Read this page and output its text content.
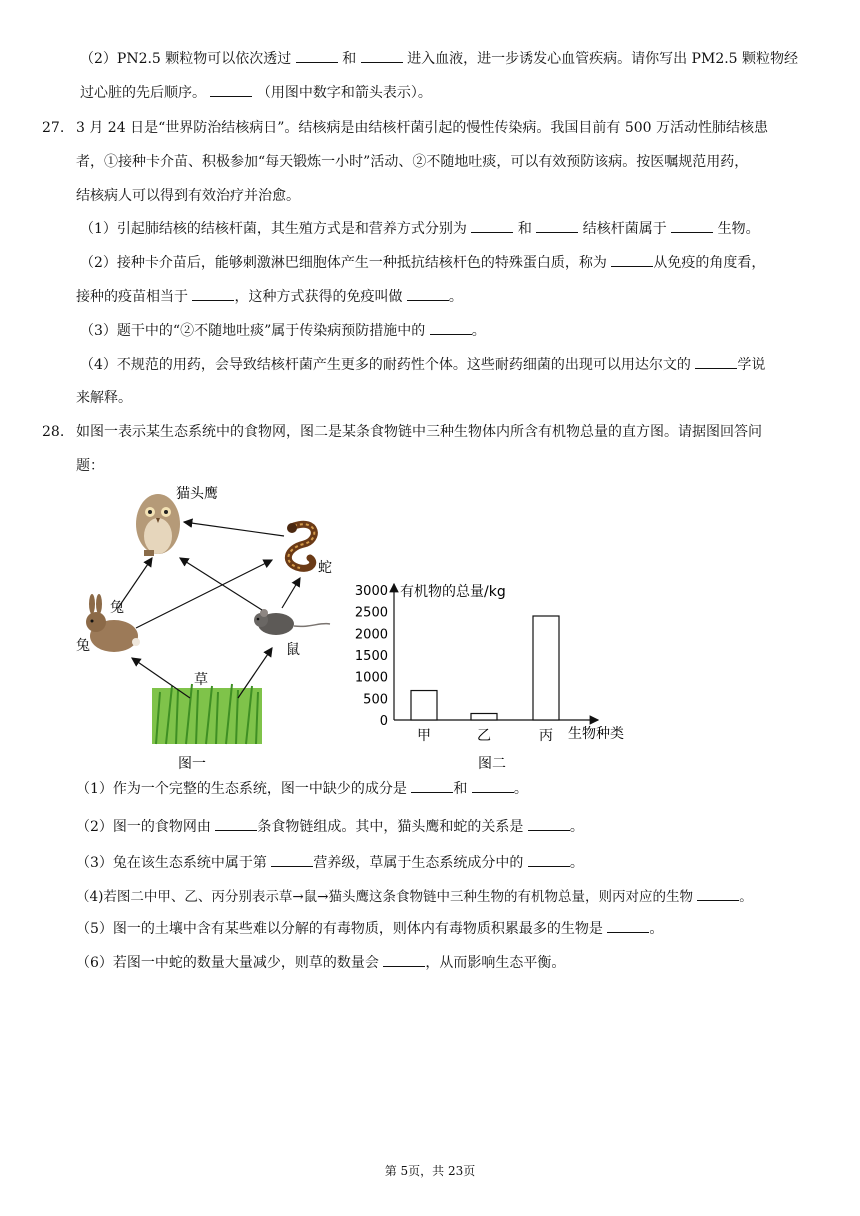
（2）PN2.5 颗粒物可以依次透过	和	进入血液，进一步诱发心血管疾病。请你写出 PM2.5 颗粒物经
过心脏的先后顺序。	（用图中数字和箭头表示）。
27. 3 月 24 日是“世界防治结核病日”。结核病是由结核杆菌引起的慢性传染病。我国目前有 500 万活动性肺结核患
者，①接种卡介苗、积极参加“每天锻炼一小时”活动、②不随地吐痰，可以有效预防该病。按医嘱规范用药，
结核病人可以得到有效治疗并治愈。
（1）引起肺结核的结核杆菌，其生殖方式是和营养方式分别为	和	结核杆菌属于	生物。
（2）接种卡介苗后，能够刺激淋巴细胞体产生一种抵抗结核杆色的特殊蛋白质，称为	从免疫的角度看，
接种的疫苗相当于	，这种方式获得的免疫叫做	。
（3）题干中的“②不随地吐痰”属于传染病预防措施中的	。
（4）不规范的用药，会导致结核杆菌产生更多的耐药性个体。这些耐药细菌的出现可以用达尔文的	学说
来解释。
28. 如图一表示某生态系统中的食物网，图二是某条食物链中三种生物体内所含有机物总量的直方图。请据图回答问
题：
猫头鹰
蛇
兔
兔	鼠
草
图一
3000
2500
2000
1500
1000
500
0
有机物的总量/kg
甲	乙	丙 生物种类
图二
（1）作为一个完整的生态系统，图一中缺少的成分是	和	。
（2）图一的食物网由	条食物链组成。其中，猫头鹰和蛇的关系是	。
（3）兔在该生态系统中属于第	营养级，草属于生态系统成分中的	。
（4)若图二中甲、乙、丙分别表示草→鼠→猫头鹰这条食物链中三种生物的有机物总量，则丙对应的生物	。
（5）图一的土壤中含有某些难以分解的有毒物质，则体内有毒物质积累最多的生物是	。
（6）若图一中蛇的数量大量减少，则草的数量会	，从而影响生态平衡。
第 5页，共 23页
